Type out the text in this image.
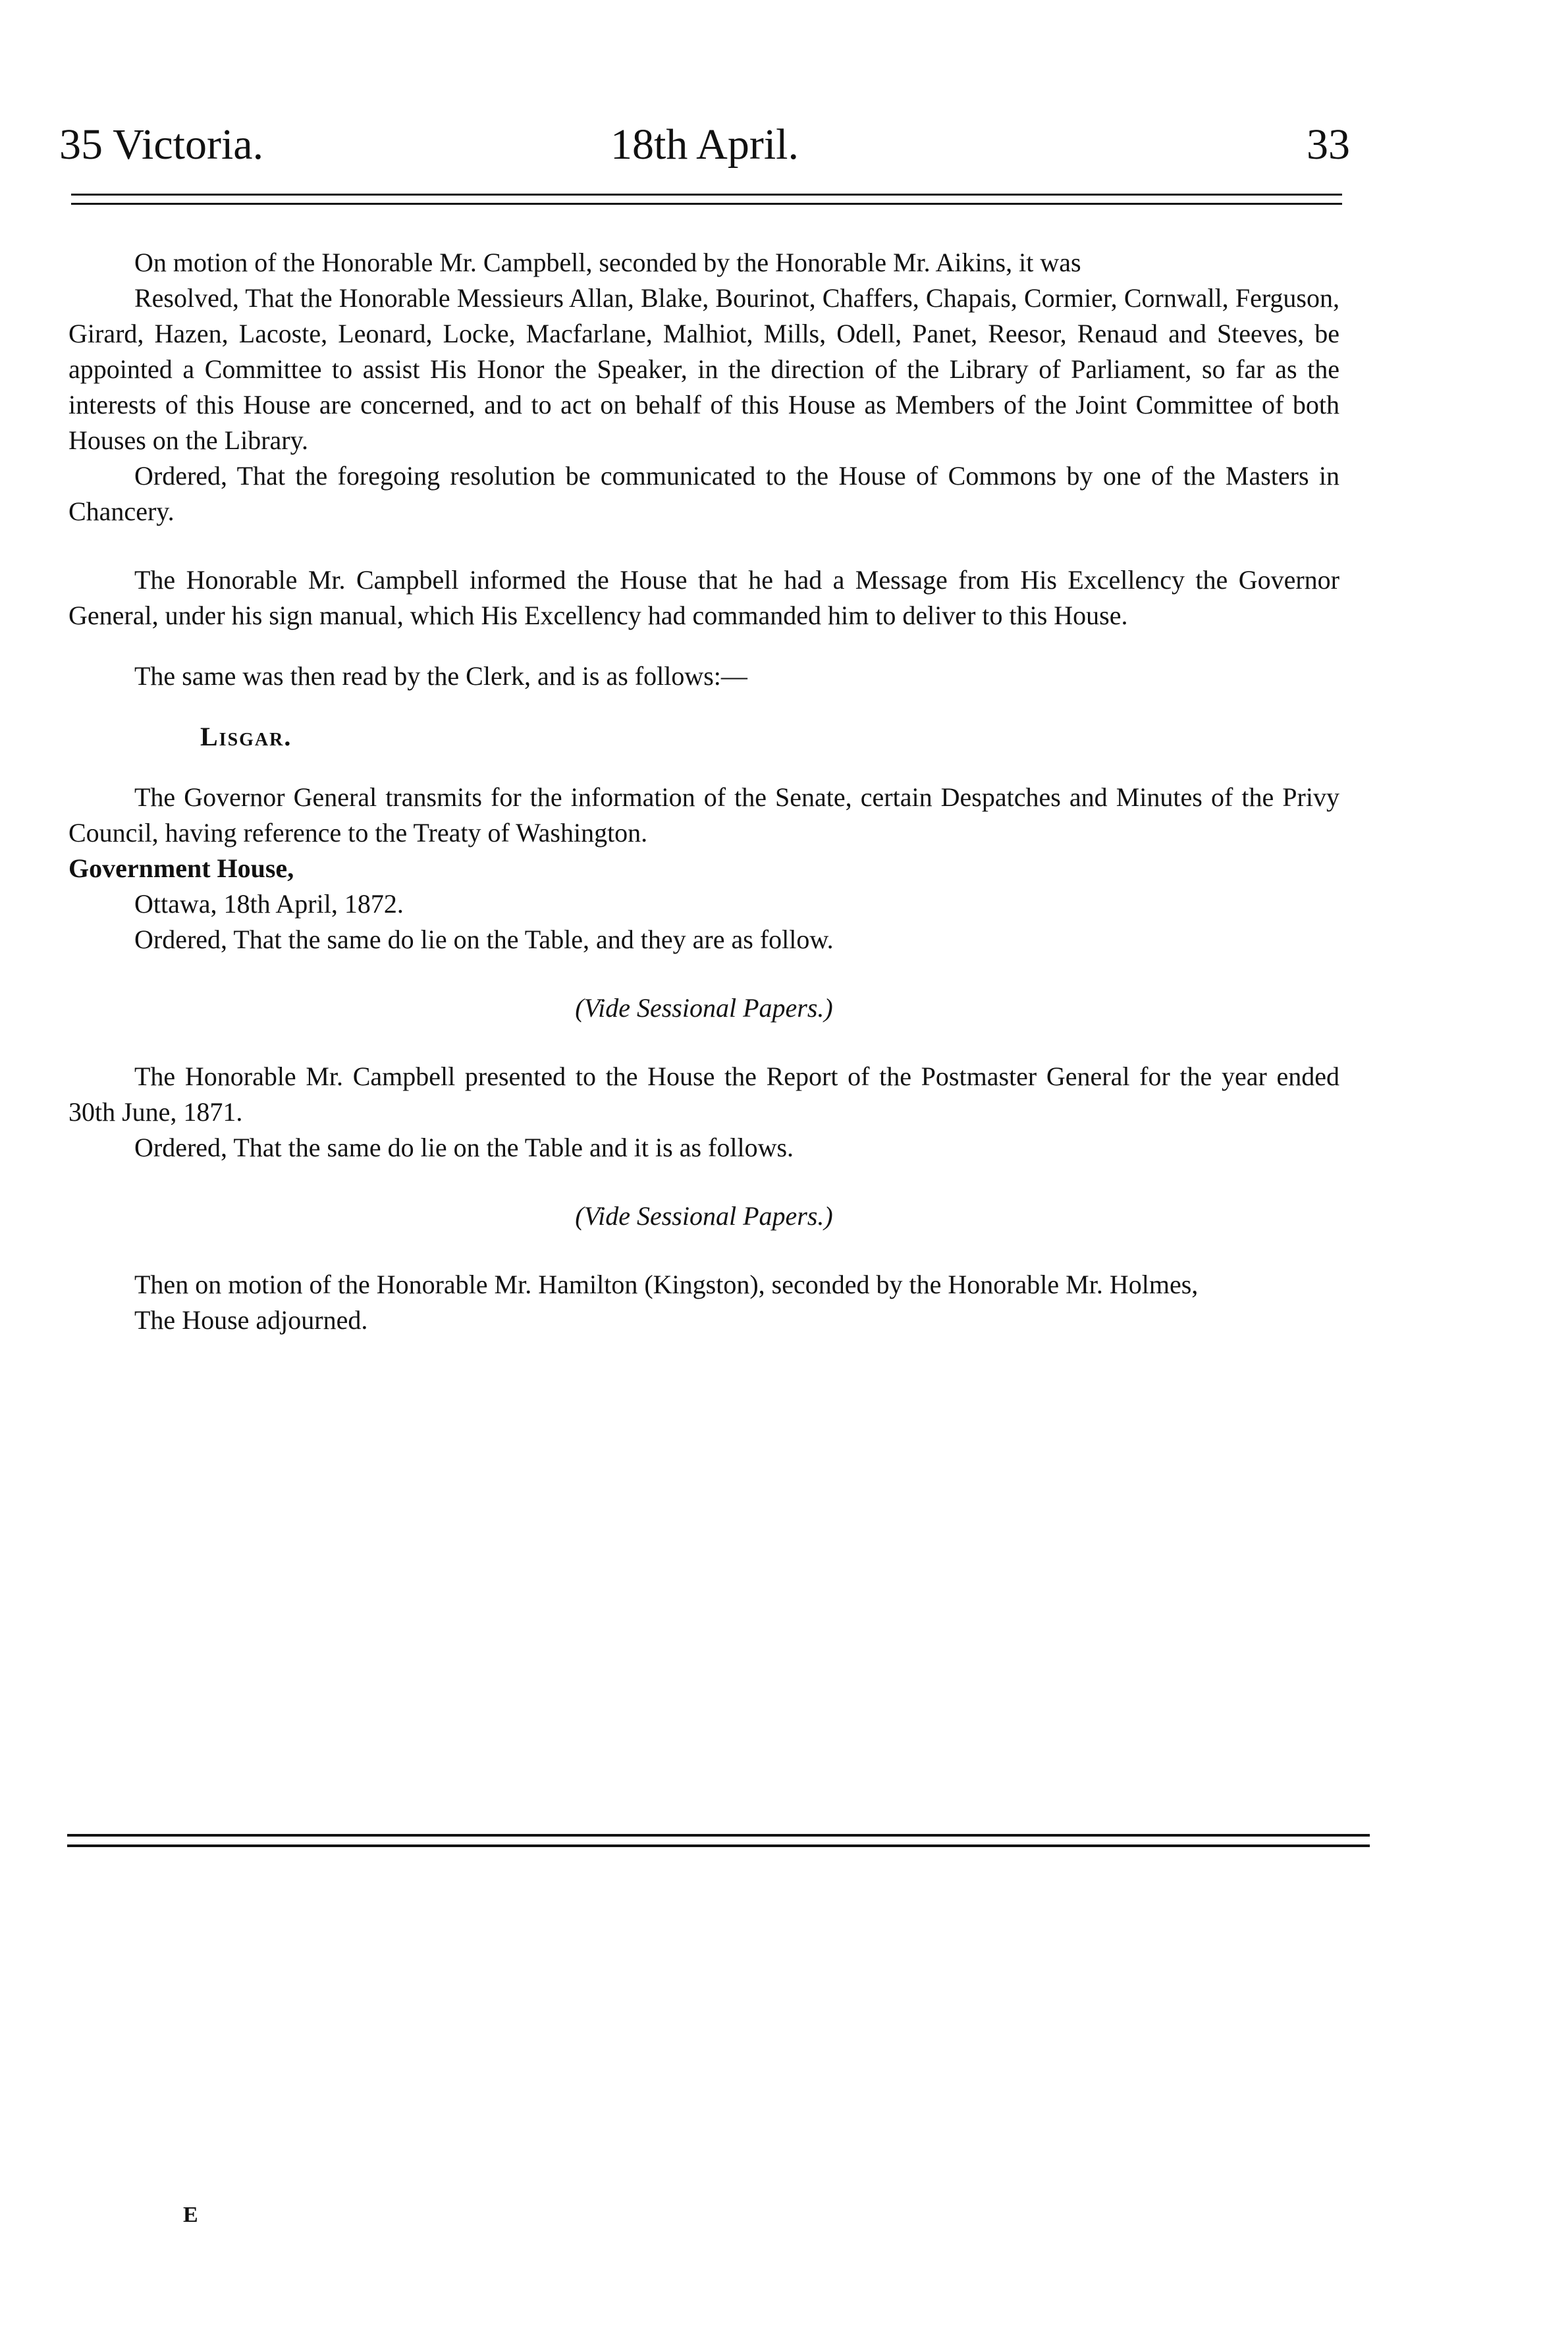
35 Victoria.	18th April.	33

On motion of the Honorable Mr. Campbell, seconded by the Honorable Mr. Aikins, it was

Resolved, That the Honorable Messieurs Allan, Blake, Bourinot, Chaffers, Chapais, Cormier, Cornwall, Ferguson, Girard, Hazen, Lacoste, Leonard, Locke, Macfarlane, Malhiot, Mills, Odell, Panet, Reesor, Renaud and Steeves, be appointed a Committee to assist His Honor the Speaker, in the direction of the Library of Parliament, so far as the interests of this House are concerned, and to act on behalf of this House as Members of the Joint Committee of both Houses on the Library.

Ordered, That the foregoing resolution be communicated to the House of Commons by one of the Masters in Chancery.

The Honorable Mr. Campbell informed the House that he had a Message from His Excellency the Governor General, under his sign manual, which His Excellency had commanded him to deliver to this House.

The same was then read by the Clerk, and is as follows:—

Lisgar.

The Governor General transmits for the information of the Senate, certain Despatches and Minutes of the Privy Council, having reference to the Treaty of Washington.

Government House,

Ottawa, 18th April, 1872.

Ordered, That the same do lie on the Table, and they are as follow.

(Vide Sessional Papers.)

The Honorable Mr. Campbell presented to the House the Report of the Postmaster General for the year ended 30th June, 1871.

Ordered, That the same do lie on the Table and it is as follows.

(Vide Sessional Papers.)

Then on motion of the Honorable Mr. Hamilton (Kingston), seconded by the Honorable Mr. Holmes,

The House adjourned.

E
